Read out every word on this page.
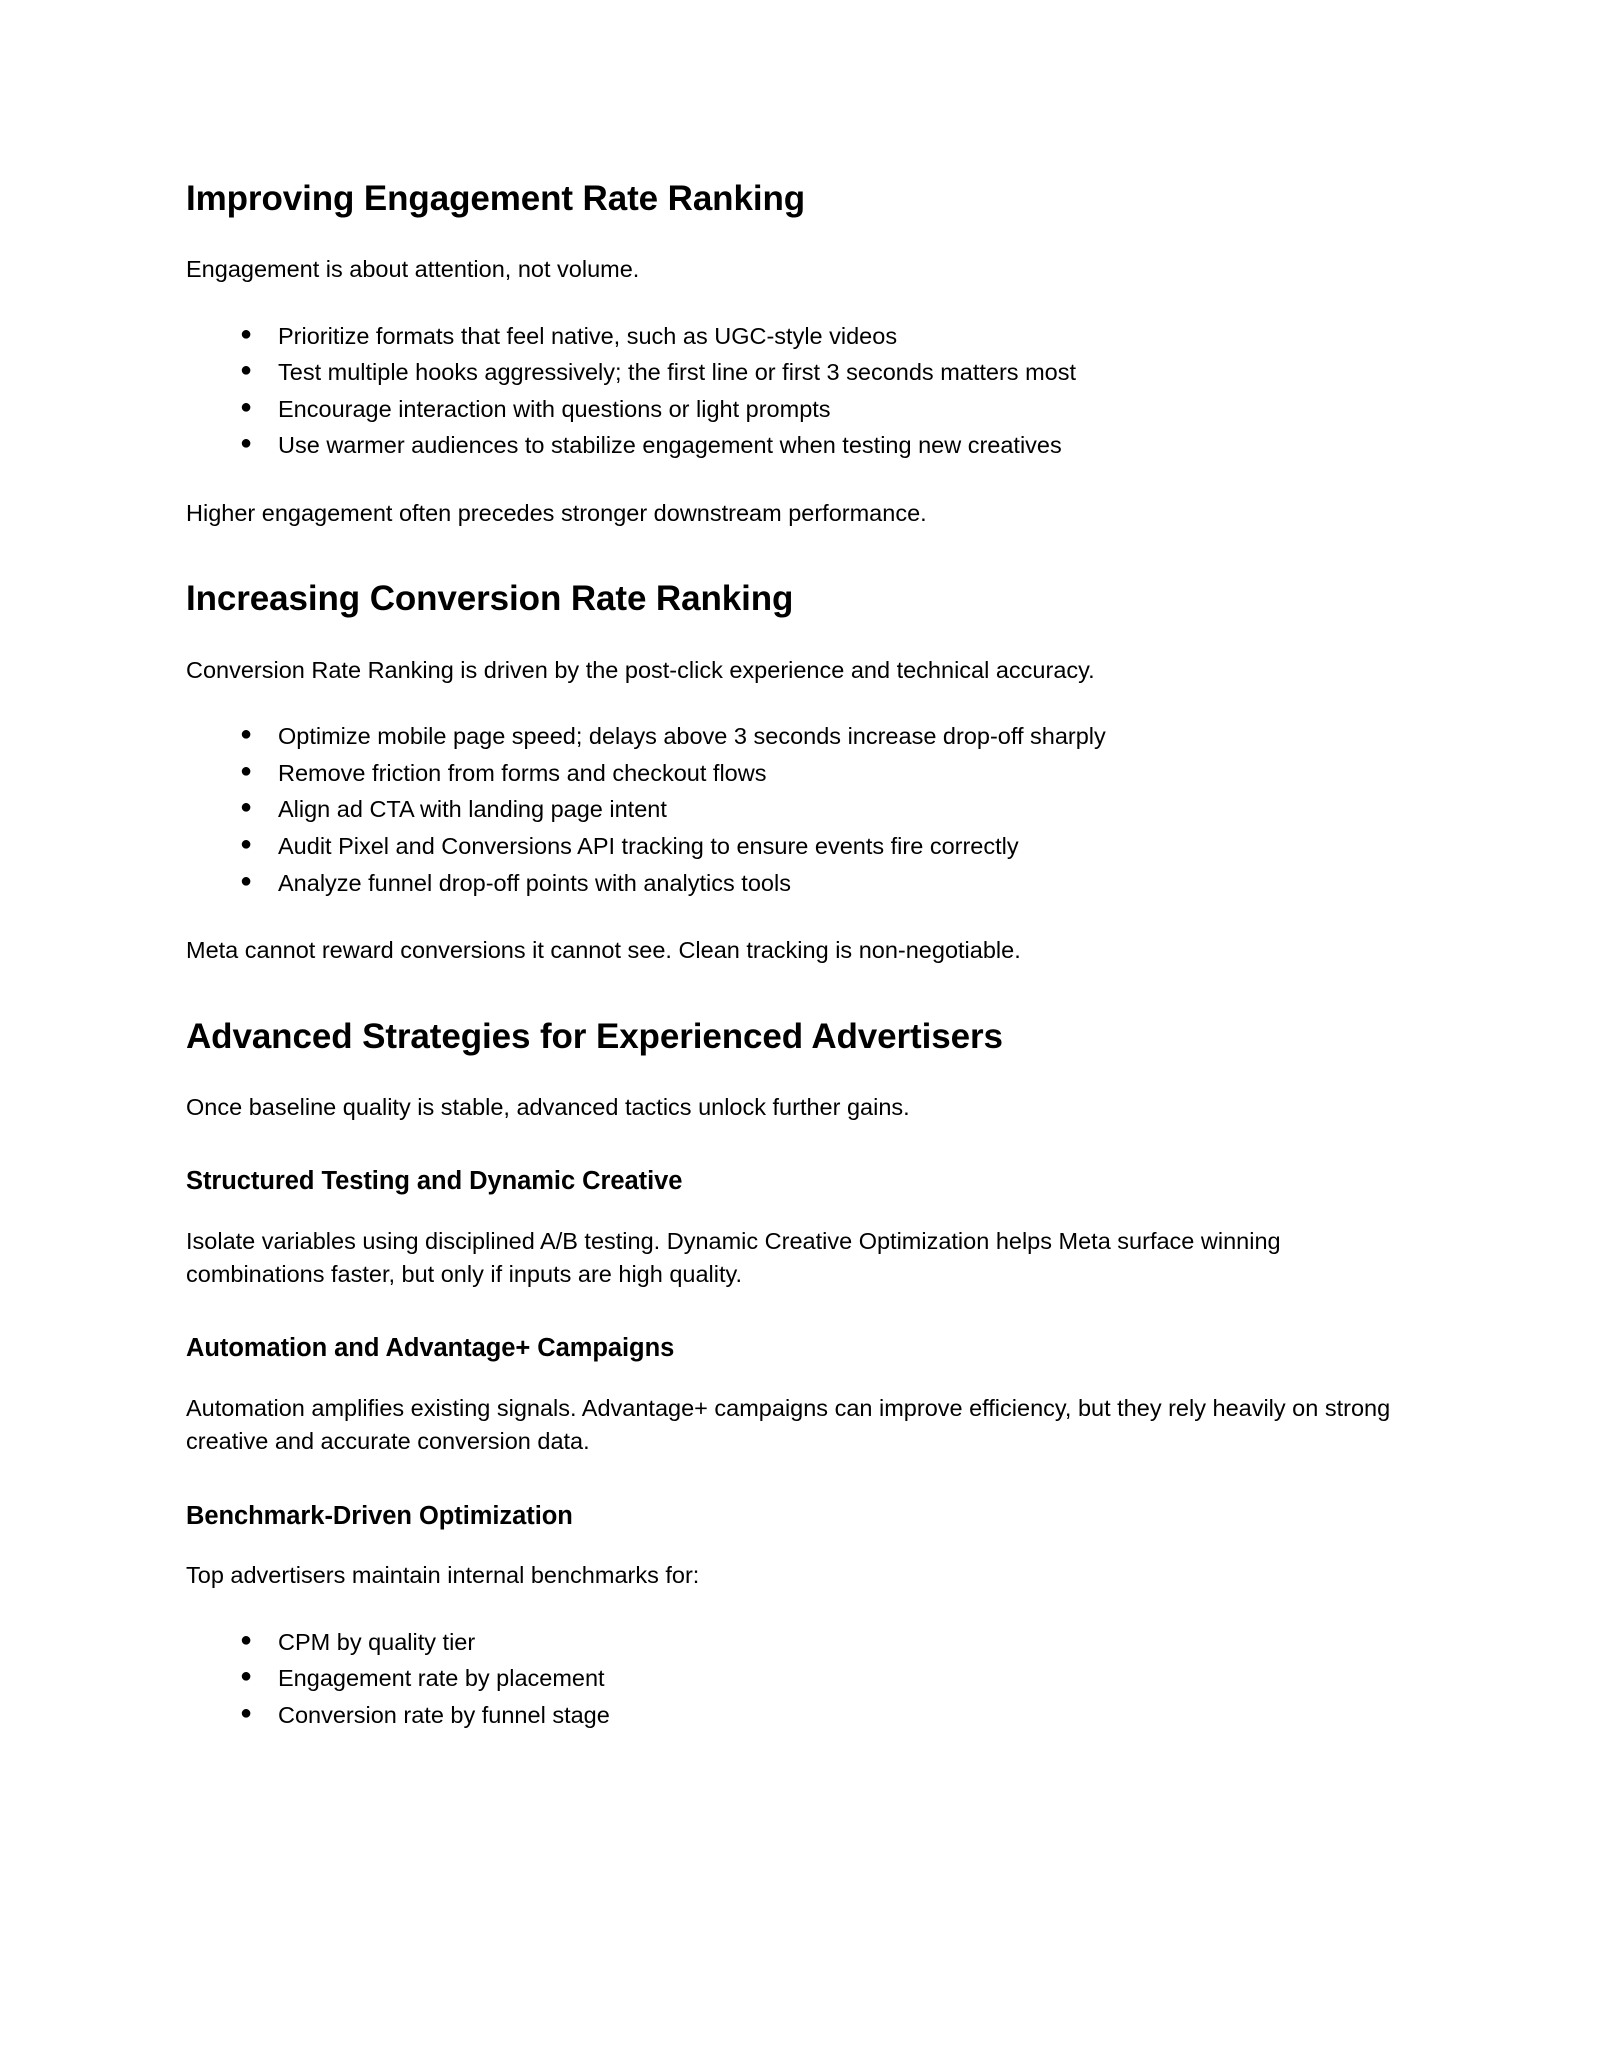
Improving Engagement Rate Ranking

Engagement is about attention, not volume.

● Prioritize formats that feel native, such as UGC-style videos
● Test multiple hooks aggressively; the first line or first 3 seconds matters most
● Encourage interaction with questions or light prompts
● Use warmer audiences to stabilize engagement when testing new creatives

Higher engagement often precedes stronger downstream performance.

Increasing Conversion Rate Ranking

Conversion Rate Ranking is driven by the post-click experience and technical accuracy.

● Optimize mobile page speed; delays above 3 seconds increase drop-off sharply
● Remove friction from forms and checkout flows
● Align ad CTA with landing page intent
● Audit Pixel and Conversions API tracking to ensure events fire correctly
● Analyze funnel drop-off points with analytics tools

Meta cannot reward conversions it cannot see. Clean tracking is non-negotiable.

Advanced Strategies for Experienced Advertisers

Once baseline quality is stable, advanced tactics unlock further gains.

Structured Testing and Dynamic Creative

Isolate variables using disciplined A/B testing. Dynamic Creative Optimization helps Meta surface winning combinations faster, but only if inputs are high quality.

Automation and Advantage+ Campaigns

Automation amplifies existing signals. Advantage+ campaigns can improve efficiency, but they rely heavily on strong creative and accurate conversion data.

Benchmark-Driven Optimization

Top advertisers maintain internal benchmarks for:

● CPM by quality tier
● Engagement rate by placement
● Conversion rate by funnel stage
